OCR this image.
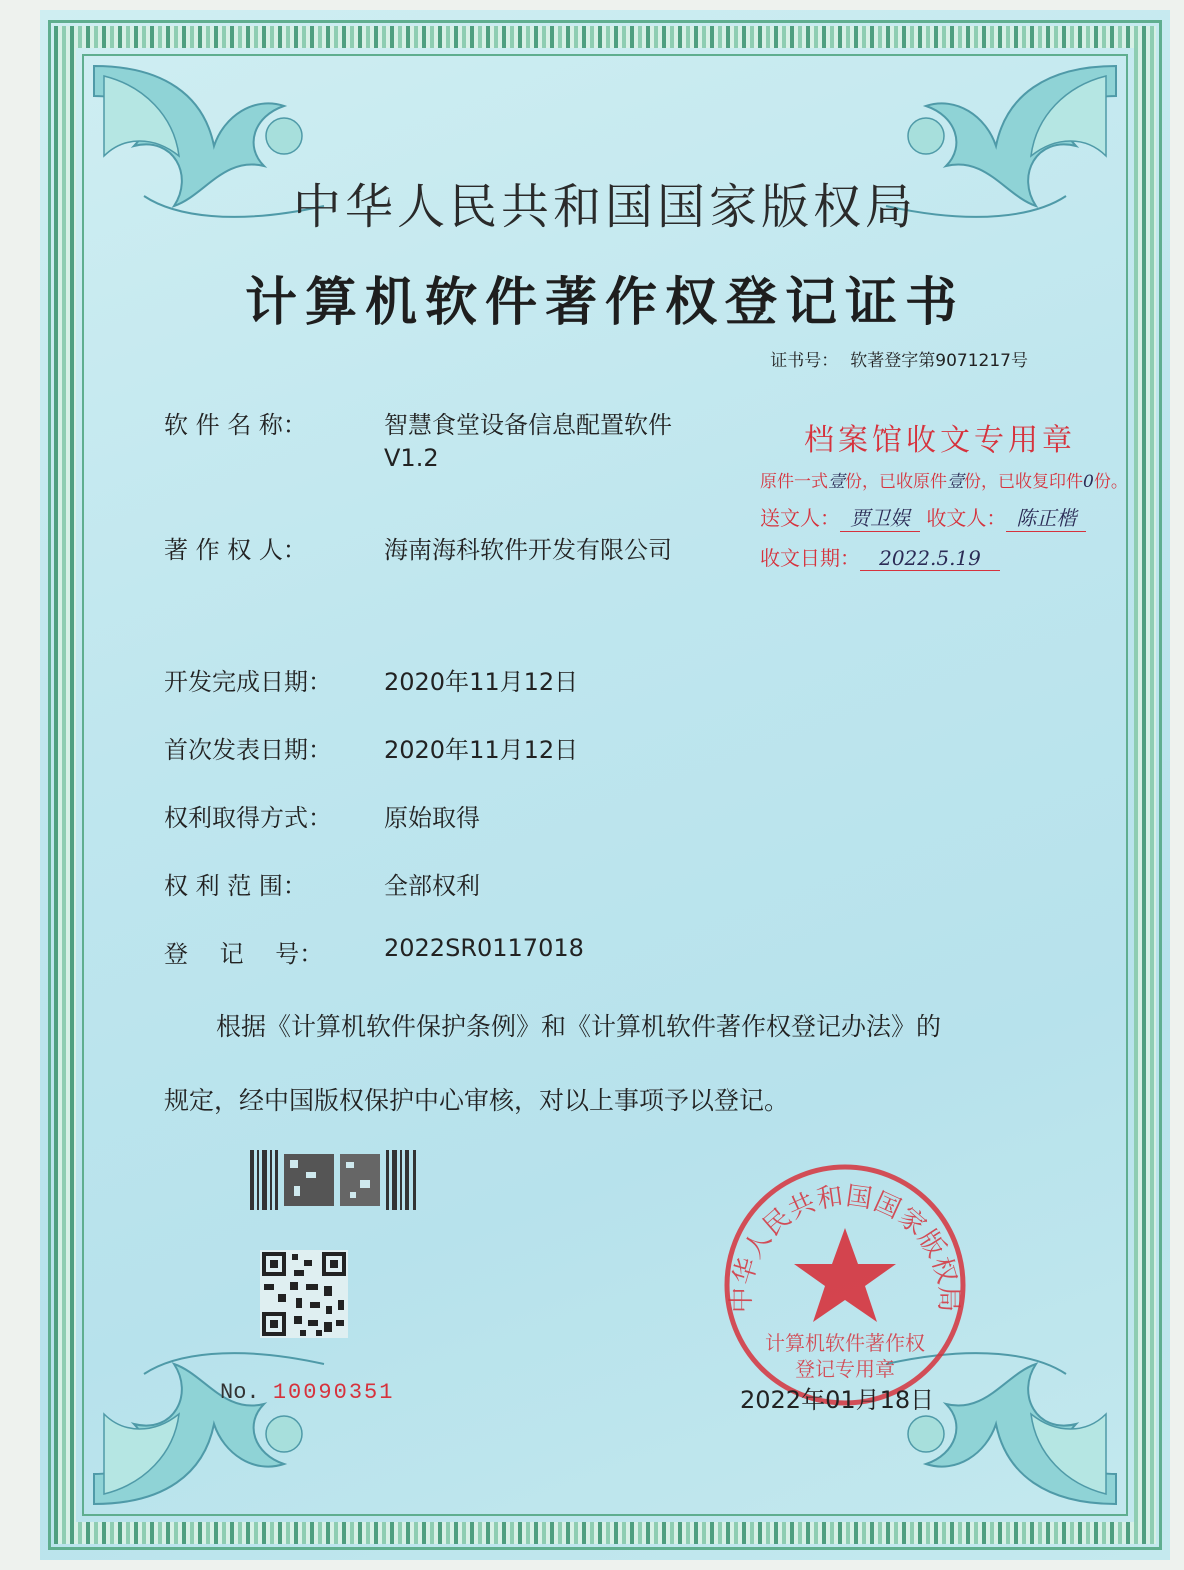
中华人民共和国国家版权局
计算机软件著作权登记证书
证书号： 软著登字第9071217号
软 件 名 称：	智慧食堂设备信息配置软件
V1.2
著 作 权 人：	海南海科软件开发有限公司
开发完成日期：	2020年11月12日
首次发表日期：	2020年11月12日
权利取得方式：	原始取得
权 利 范 围：	全部权利
登　 记　 号：	2022SR0117018
根据《计算机软件保护条例》和《计算机软件著作权登记办法》的
规定，经中国版权保护中心审核，对以上事项予以登记。
档案馆收文专用章
原件一式壹份，已收原件壹份，已收复印件0份。
送文人： 贾卫娱 收文人： 陈正楷
收文日期： 2022.5.19
No. 10090351
中华人民共和国国家版权局
计算机软件著作权
登记专用章
2022年01月18日
